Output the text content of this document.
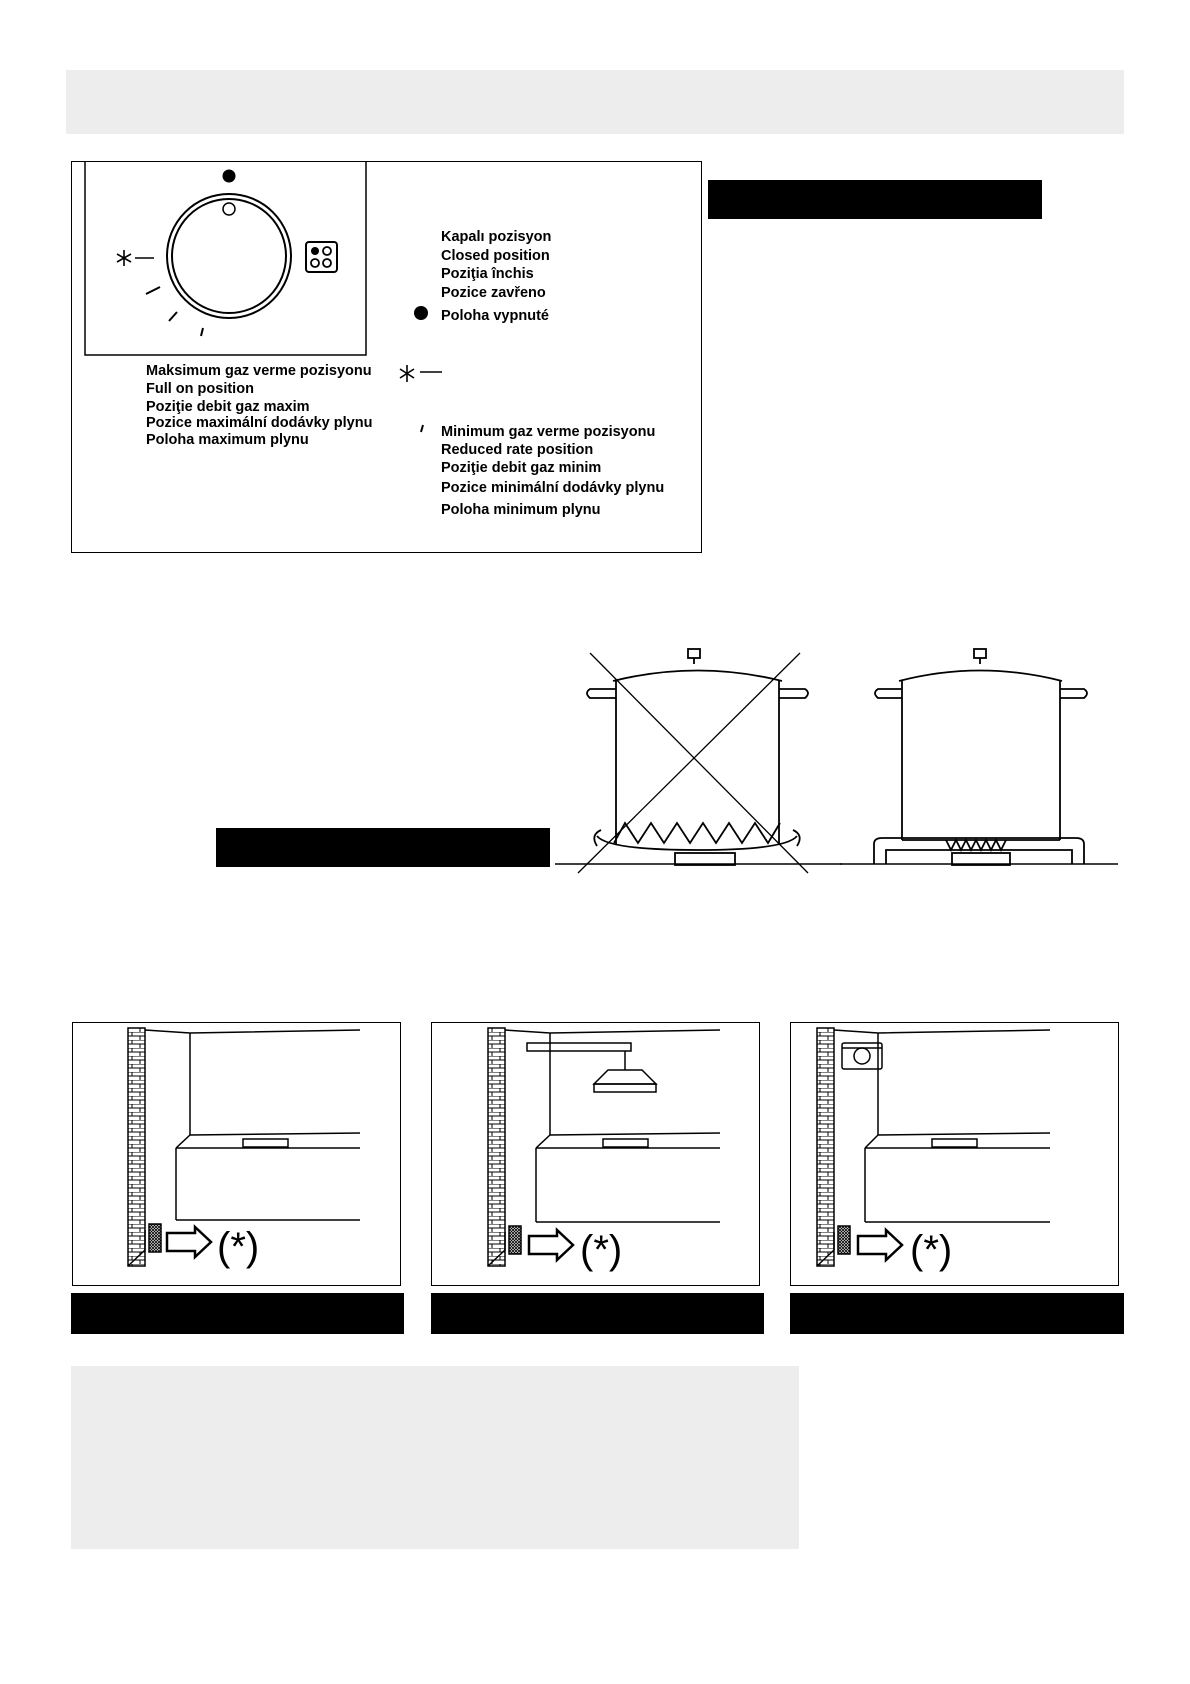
Kapalı pozisyon
Closed position
Poziţia închis
Pozice zavřeno
Poloha vypnuté
Maksimum gaz verme pozisyonu
Full on position
Poziţie debit gaz maxim
Pozice maximální dodávky plynu
Poloha maximum plynu	Minimum gaz verme pozisyonu
Reduced rate position
Poziţie debit gaz minim
Pozice minimální dodávky plynu
Poloha minimum plynu
(*)	(*)	(*)
